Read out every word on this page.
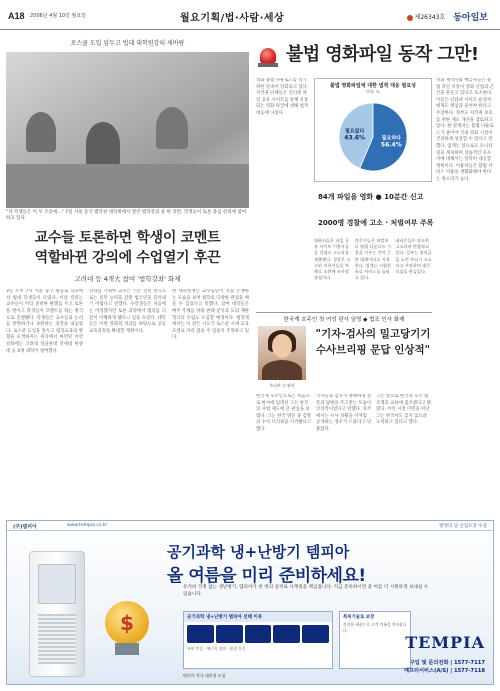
A18 2006년 4월 10일 월요일	월요기획/법∙사람∙세상	제26343호 동아일보
로스쿨 도입 앞두고 법대 대학원강의 새바람
"자 학생들은 이 두 조문에…" 7일 서울 동국 법학관 대학원에서 열린 법학강의 중 한 장면. 학생들이 토론 중심 강의에 참여하고 있다.
교수들 토론하면 학생이 코멘트
역할바뀐 강의에 수업열기 후끈
고려대 등 4개大 참여 '법학강좌' 화제
3일 오후 7시 서울 중구 필동로 학교에서 법대 학생들이 모였다. 이날 강의는 교수들이 미리 준비한 판례를 두고 토론을 벌이고 학생들이 코멘트를 하는 방식으로 진행됐다. 학생들은 교수들의 논리를 반박하거나 보완하는 의견을 내놓았다. 로스쿨 도입을 앞두고 법학교육의 방향을 모색하자는 취지에서 마련된 이번 강좌에는 고려대 성균관대 연세대 한양대 등 4개 대학이 참여했다.
강좌를 기획한 교수는 기존 강의 방식으로는 실무 능력을 갖춘 법조인을 길러내기 어렵다고 말했다. 수강생들은 처음에는 어색했지만 토론 과정에서 법리를 더 깊이 이해하게 됐다고 입을 모았다. 대학들은 이번 강좌의 성과를 바탕으로 공동 교육과정을 확대할 계획이다.
한 대학원생은 교수님들이 직접 논쟁하는 모습을 보며 법학의 다양한 관점을 배울 수 있었다고 말했다. 참여 대학들은 매주 주제를 바꿔 판례 분석과 모의 재판 형식의 수업도 도입할 예정이다. 법학계에서는 이 같은 시도가 로스쿨 시대 교육 모델로 자리 잡을 수 있을지 주목하고 있다.
불법 영화파일 동작 그만!
영화 불법 다운로드를 막기 위한 단속이 강화되고 있다. 저작권 단체들은 인터넷 파일 공유 사이트를 통해 유통되는 영화 파일에 대해 법적 대응에 나섰다.
불법 영화파일에 대한 법적 대응 필요성
단위: %
필요하다
56.4%
필요없다
43.6%
84개 파일을 영화 ● 10분간 신고
2000명 경찰에 고소 · 처벌여부 주목
영화사들은 파일 공유 사이트 이용자들을 상대로 고소장을 제출했다. 경찰은 고소된 이용자들을 차례로 소환해 조사할 방침이다.
전문가들은 처벌보다 합법 다운로드 시장을 키우는 것이 근본 대책이라고 지적한다. 업계는 저렴한 유료 서비스를 늘리고 있다.
네티즌들은 과도한 고소라며 반발하고 있다. 일부는 합의금을 노린 무더기 고소라고 주장하며 대응 모임을 만들었다.
영화 제작사와 배급사들은 불법 파일 유통이 영화 산업의 근간을 흔들고 있다고 호소한다. 이들은 인터넷 사이트 운영자에게도 책임을 물어야 한다고 주장한다. 정부도 저작권 보호를 위한 제도 개선을 검토하고 있다. 한 관계자는 불법 다운로드가 줄어야 국내 영화 시장이 건강하게 성장할 수 있다고 말했다. 업계는 앞으로도 모니터링을 계속하며 상습적인 유포자에 대해서는 강력히 대응할 계획이다. 이용자들은 합법 서비스 이용을 생활화해야 한다는 목소리가 높다.
한국계 호주인 첫 여성 판사 임명 ◆ 법조 인사 화제
주디아 신 판사
"기자-검사의 밀고당기기
수사브리핑 문답 인상적"
한국계 호주인으로는 처음으로 판사에 임명된 그는 한국의 사법 제도에 큰 관심을 보였다. 그는 한국 방문 중 검찰의 수사 브리핑을 지켜봤다고 했다.
기자들과 검사가 팽팽하게 질문과 답변을 주고받는 모습이 인상적이었다고 말했다. 호주에서는 수사 상황을 이처럼 공개하는 경우가 드물다고 덧붙였다.
그는 앞으로 한국과 호주 법조계의 교류에 힘쓰겠다고 밝혔다. 어린 시절 이민을 떠난 그는 한국어도 잊지 않으려 노력하고 있다고 했다.
(주)템피아	www.tempia.co.kr	발명의 날 산업포장 수상
$
공기과학 냉+난방기 템피아
올 여름을 미리 준비하세요!
유지비 걱정 없는 냉난방기, 템피아가 한 번의 설치로 사계절을 책임집니다. 지금 준비하시면 올 여름 더 시원하게 보내실 수 있습니다.
공기과학 냉+난방기 템피아 선택 이유
특허 인증 · 에너지 절약 · 품질 보증
특허기술로 보장
정직한 제품으로 고객 만족을 약속합니다.
TEMPIA
구입 및 문의전화 | 1577-7117
애프터서비스(A/S) | 1577-7118
템피아 전국 대리점 모집
